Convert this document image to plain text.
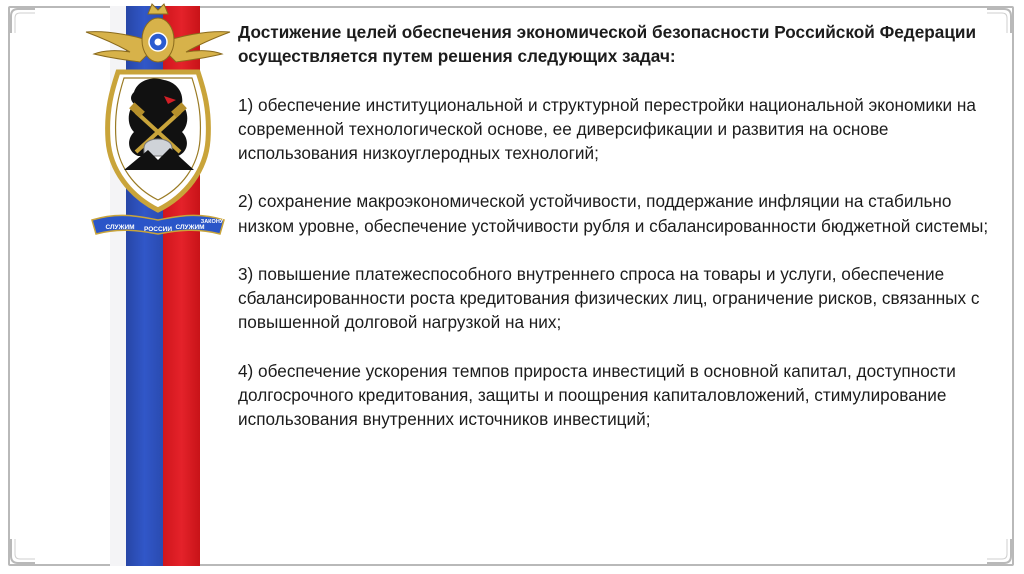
СЛУЖИМ РОССИИ СЛУЖИМ
ЗАКОНУ

Достижение целей обеспечения экономической безопасности Российской Федерации осуществляется путем решения следующих задач:

1) обеспечение институциональной и структурной перестройки национальной экономики на современной технологической основе, ее диверсификации и развития на основе использования низкоуглеродных технологий;

2) сохранение макроэкономической устойчивости, поддержание инфляции на стабильно низком уровне, обеспечение устойчивости рубля и сбалансированности бюджетной системы;

3) повышение платежеспособного внутреннего спроса на товары и услуги, обеспечение сбалансированности роста кредитования физических лиц, ограничение рисков, связанных с повышенной долговой нагрузкой на них;

4) обеспечение ускорения темпов прироста инвестиций в основной капитал, доступности долгосрочного кредитования, защиты и поощрения капиталовложений, стимулирование использования внутренних источников инвестиций;
